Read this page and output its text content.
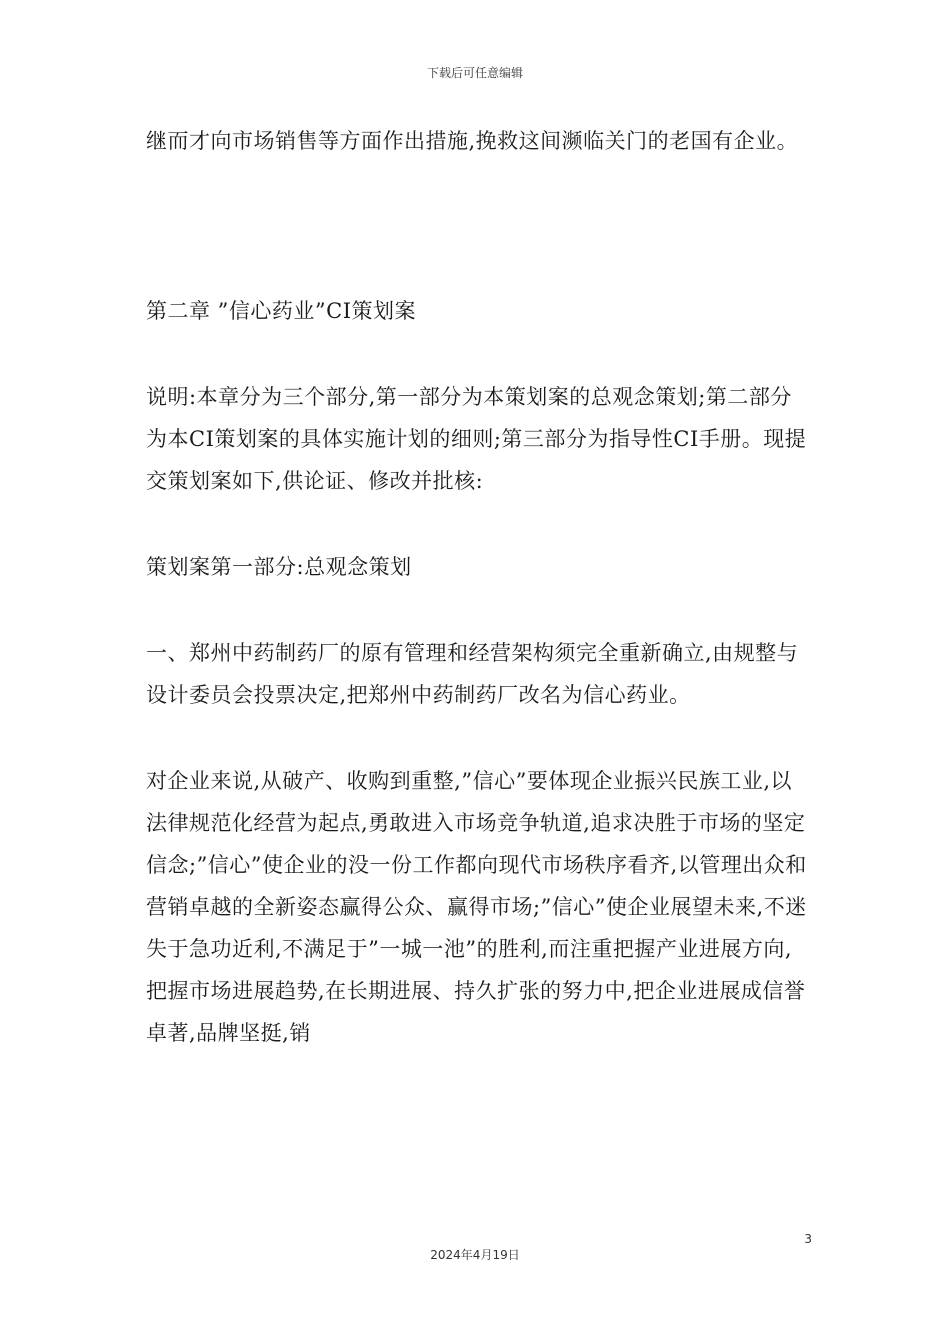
下载后可任意编辑

继而才向市场销售等方面作出措施,挽救这间濒临关门的老国有企业。

第二章 ”信心药业”CI策划案

说明:本章分为三个部分,第一部分为本策划案的总观念策划;第二部分为本CI策划案的具体实施计划的细则;第三部分为指导性CI手册。现提交策划案如下,供论证、修改并批核:

策划案第一部分:总观念策划

一、郑州中药制药厂的原有管理和经营架构须完全重新确立,由规整与设计委员会投票决定,把郑州中药制药厂改名为信心药业。

对企业来说,从破产、收购到重整,”信心”要体现企业振兴民族工业,以法律规范化经营为起点,勇敢进入市场竞争轨道,追求决胜于市场的坚定信念;”信心”使企业的没一份工作都向现代市场秩序看齐,以管理出众和营销卓越的全新姿态赢得公众、赢得市场;”信心”使企业展望未来,不迷失于急功近利,不满足于”一城一池”的胜利,而注重把握产业进展方向,把握市场进展趋势,在长期进展、持久扩张的努力中,把企业进展成信誉卓著,品牌坚挺,销

3
2024年4月19日
